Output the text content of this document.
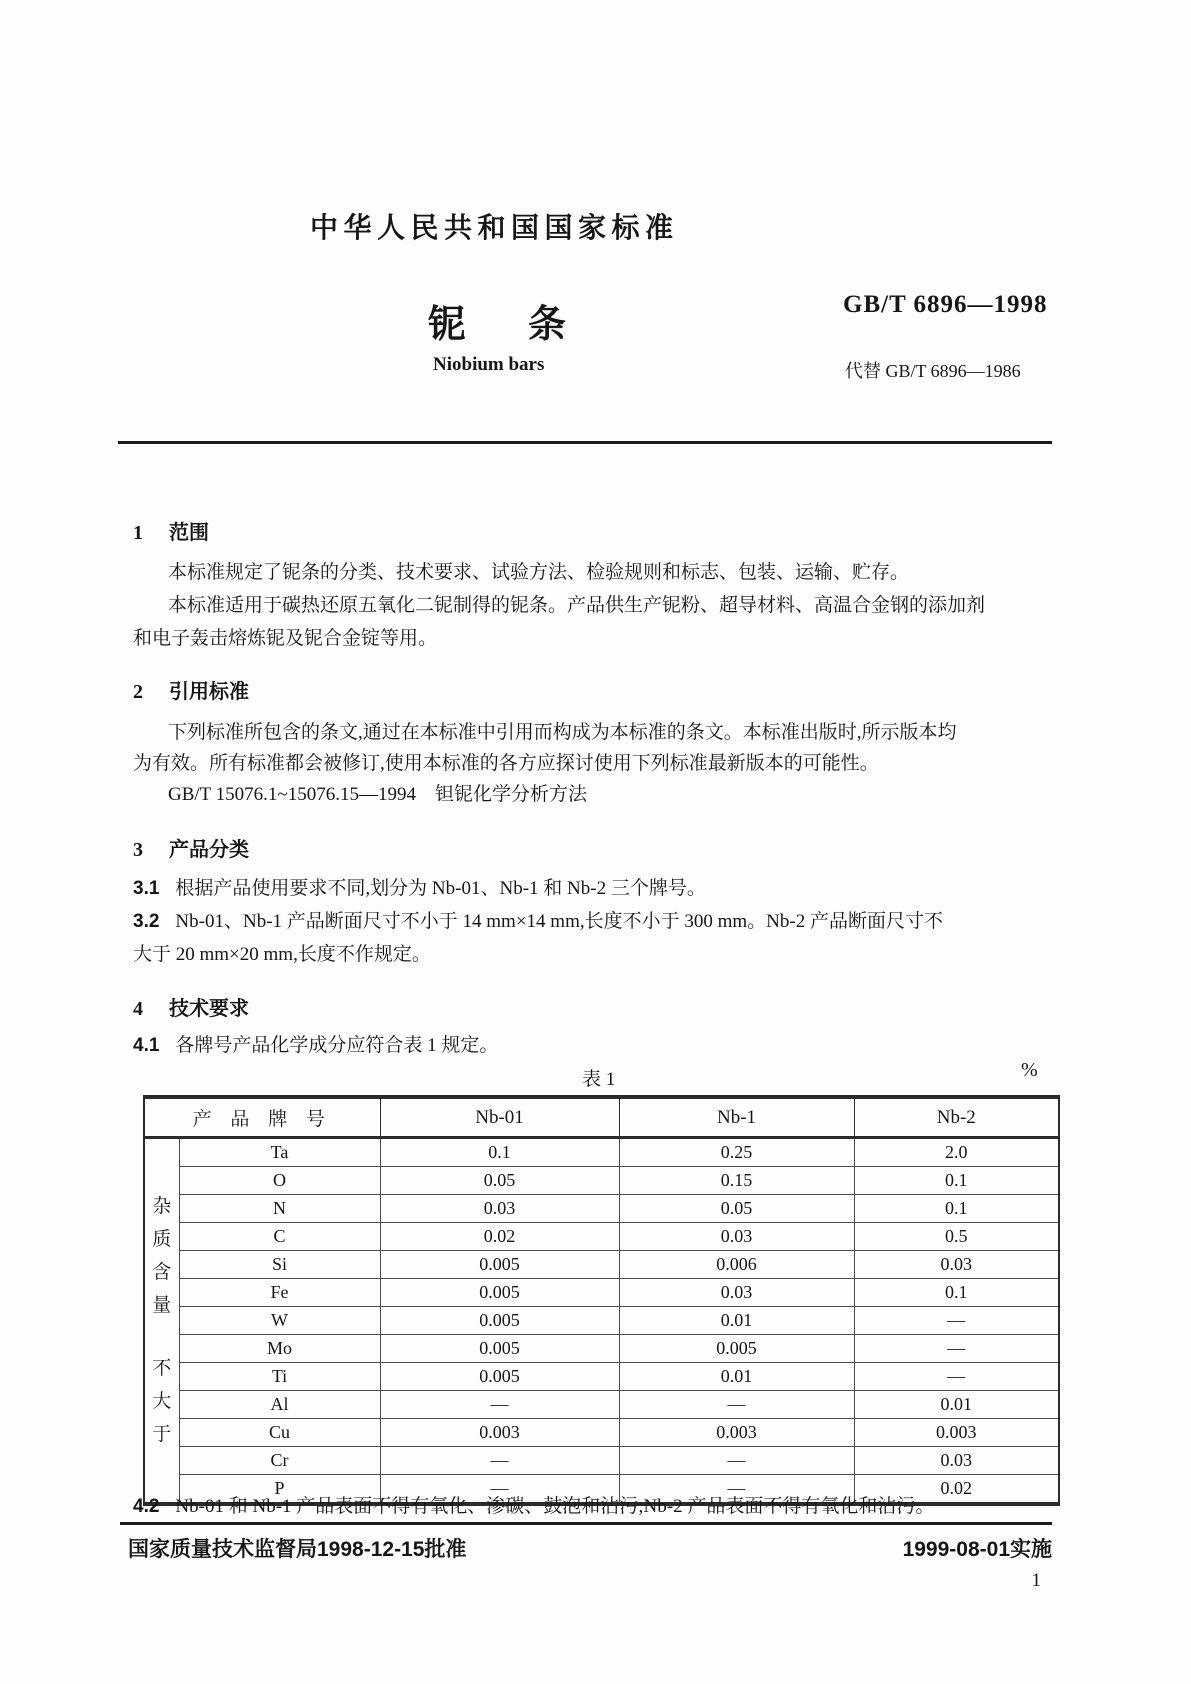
中华人民共和国国家标准
铌条	GB/T 6896—1998
Niobium bars	代替 GB/T 6896—1986
1 范围
本标准规定了铌条的分类、技术要求、试验方法、检验规则和标志、包装、运输、贮存。
本标准适用于碳热还原五氧化二铌制得的铌条。产品供生产铌粉、超导材料、高温合金钢的添加剂
和电子轰击熔炼铌及铌合金锭等用。
2 引用标准
下列标准所包含的条文,通过在本标准中引用而构成为本标准的条文。本标准出版时,所示版本均
为有效。所有标准都会被修订,使用本标准的各方应探讨使用下列标准最新版本的可能性。
GB/T 15076.1~15076.15—1994　钽铌化学分析方法
3 产品分类
3.1 根据产品使用要求不同,划分为 Nb-01、Nb-1 和 Nb-2 三个牌号。
3.2 Nb-01、Nb-1 产品断面尺寸不小于 14 mm×14 mm,长度不小于 300 mm。Nb-2 产品断面尺寸不
大于 20 mm×20 mm,长度不作规定。
4 技术要求
4.1 各牌号产品化学成分应符合表 1 规定。
表 1	%
产 品 牌 号		Nb-01	Nb-1	Nb-2

杂质含量
不大于	Ta	0.1	0.25	2.0
	O	0.05	0.15	0.1
	N	0.03	0.05	0.1
	C	0.02	0.03	0.5
	Si	0.005	0.006	0.03
	Fe	0.005	0.03	0.1
	W	0.005	0.01	—
	Mo	0.005	0.005	—
	Ti	0.005	0.01	—
	Al	—	—	0.01
	Cu	0.003	0.003	0.003
	Cr	—	—	0.03
	P	—	—	0.02
4.2 Nb-01 和 Nb-1 产品表面不得有氧化、渗碳、鼓泡和沾污;Nb-2 产品表面不得有氧化和沾污。
国家质量技术监督局1998-12-15批准	1999-08-01实施
1
